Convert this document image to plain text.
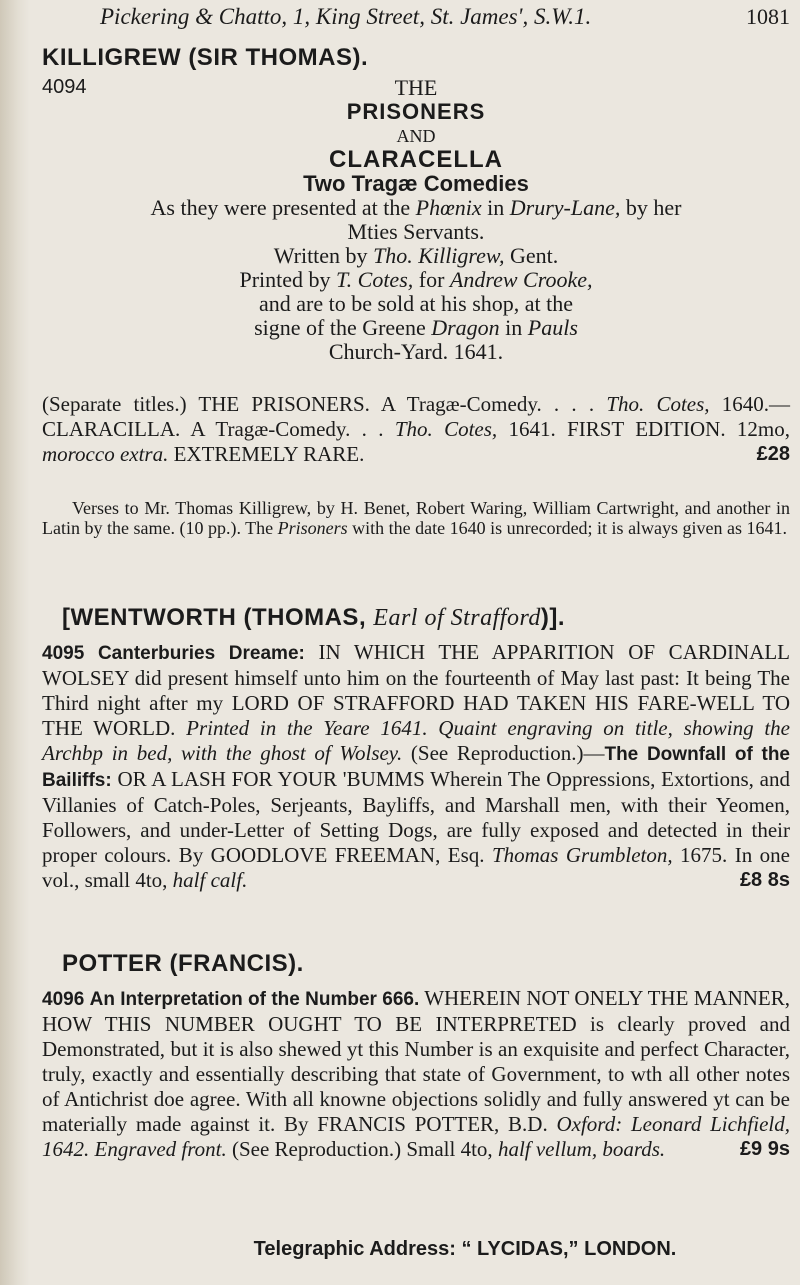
Pickering & Chatto, 1, King Street, St. James', S.W.1.	1081
KILLIGREW (SIR THOMAS).
4094	THE
PRISONERS
AND
CLARACELLA
Two Tragæ Comedies
As they were presented at the Phœnix in Drury-Lane, by her
Mties Servants.
Written by Tho. Killigrew, Gent.
Printed by T. Cotes, for Andrew Crooke,
and are to be sold at his shop, at the
signe of the Greene Dragon in Pauls
Church-Yard. 1641.

(Separate titles.) THE PRISONERS. A Tragæ-Comedy. . . . Tho. Cotes, 1640.—CLARACILLA. A Tragæ-Comedy. . . Tho. Cotes, 1641. FIRST EDITION. 12mo, morocco extra. EXTREMELY RARE.	£28

Verses to Mr. Thomas Killigrew, by H. Benet, Robert Waring, William Cartwright, and another in Latin by the same. (10 pp.). The Prisoners with the date 1640 is unrecorded; it is always given as 1641.

[WENTWORTH (THOMAS, Earl of Strafford)].

4095 Canterburies Dreame: IN WHICH THE APPARITION OF CARDINALL WOLSEY did present himself unto him on the fourteenth of May last past: It being The Third night after my LORD OF STRAFFORD HAD TAKEN HIS FARE-WELL TO THE WORLD. Printed in the Yeare 1641. Quaint engraving on title, showing the Archbp in bed, with the ghost of Wolsey. (See Reproduction.)—The Downfall of the Bailiffs: OR A LASH FOR YOUR 'BUMMS Wherein The Oppressions, Extortions, and Villanies of Catch-Poles, Serjeants, Bayliffs, and Marshall men, with their Yeomen, Followers, and under-Letter of Setting Dogs, are fully exposed and detected in their proper colours. By GOODLOVE FREEMAN, Esq. Thomas Grumbleton, 1675. In one vol., small 4to, half calf.	£8 8s

POTTER (FRANCIS).

4096 An Interpretation of the Number 666. WHEREIN NOT ONELY THE MANNER, HOW THIS NUMBER OUGHT TO BE INTERPRETED is clearly proved and Demonstrated, but it is also shewed yt this Number is an exquisite and perfect Character, truly, exactly and essentially describing that state of Government, to wth all other notes of Antichrist doe agree. With all knowne objections solidly and fully answered yt can be materially made against it. By FRANCIS POTTER, B.D. Oxford: Leonard Lichfield, 1642. Engraved front. (See Reproduction.) Small 4to, half vellum, boards.	£9 9s

Telegraphic Address: “ LYCIDAS,” LONDON.
